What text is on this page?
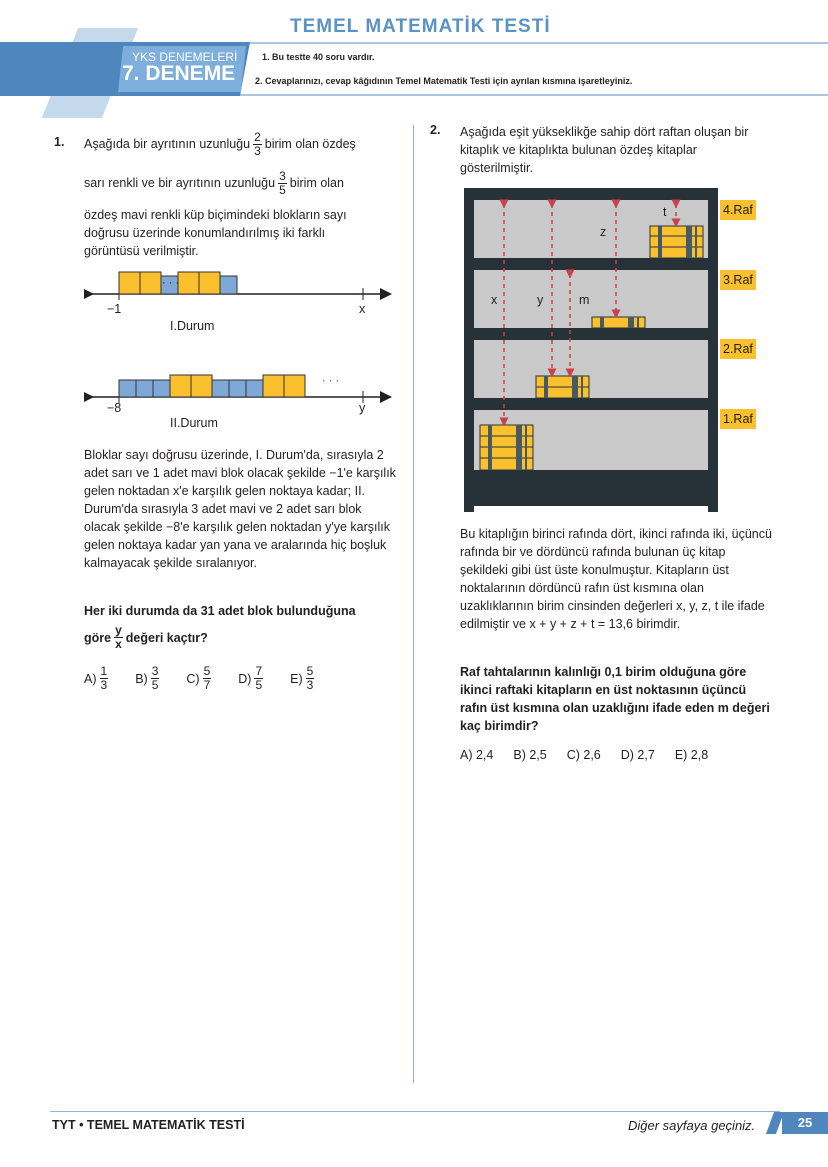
TEMEL MATEMATİK TESTİ
YKS DENEMELERİ
7. DENEME
1. Bu testte 40 soru vardır.
2. Cevaplarınızı, cevap kâğıdının Temel Matematik Testi için ayrılan kısmına işaretleyiniz.
1. Aşağıda bir ayrıtının uzunluğu $\frac{2}{3}$ birim olan özdeş
sarı renkli ve bir ayrıtının uzunluğu $\frac{3}{5}$ birim olan
özdeş mavi renkli küp biçimindeki blokların sayı doğrusu üzerinde konumlandırılmış iki farklı görüntüsü verilmiştir.
· · ·
−1	x
I.Durum
· · ·
−8	y
II.Durum
Bloklar sayı doğrusu üzerinde, I. Durum'da, sırasıyla 2 adet sarı ve 1 adet mavi blok olacak şekilde −1'e karşılık gelen noktadan x'e karşılık gelen noktaya kadar; II. Durum'da sırasıyla 3 adet mavi ve 2 adet sarı blok olacak şekilde −8'e karşılık gelen noktadan y'ye karşılık gelen noktaya kadar yan yana ve aralarında hiç boşluk kalmayacak şekilde sıralanıyor.
Her iki durumda da 31 adet blok bulunduğuna
göre $\frac{y}{x}$ değeri kaçtır?
$A) \frac{1}{3} B) \frac{3}{5} C) \frac{5}{7} D) \frac{7}{5} E) \frac{5}{3}$
2. Aşağıda eşit yükseklikğe sahip dört raftan oluşan bir kitaplık ve kitaplıkta bulunan özdeş kitaplar gösterilmiştir.
x	y	m
z
t	4.Raf
3.Raf
2.Raf
1.Raf
Bu kitaplığın birinci rafında dört, ikinci rafında iki, üçüncü rafında bir ve dördüncü rafında bulunan üç kitap şekildeki gibi üst üste konulmuştur. Kitapların üst noktalarının dördüncü rafın üst kısmına olan uzaklıklarının birim cinsinden değerleri x, y, z, t ile ifade edilmiştir ve x + y + z + t = 13,6 birimdir.
Raf tahtalarının kalınlığı 0,1 birim olduğuna göre ikinci raftaki kitapların en üst noktasının üçüncü rafın üst kısmına olan uzaklığını ifade eden m değeri kaç birimdir?
A) 2,4 B) 2,5 C) 2,6 D) 2,7 E) 2,8
TYT • TEMEL MATEMATİK TESTİ	Diğer sayfaya geçiniz.	25
